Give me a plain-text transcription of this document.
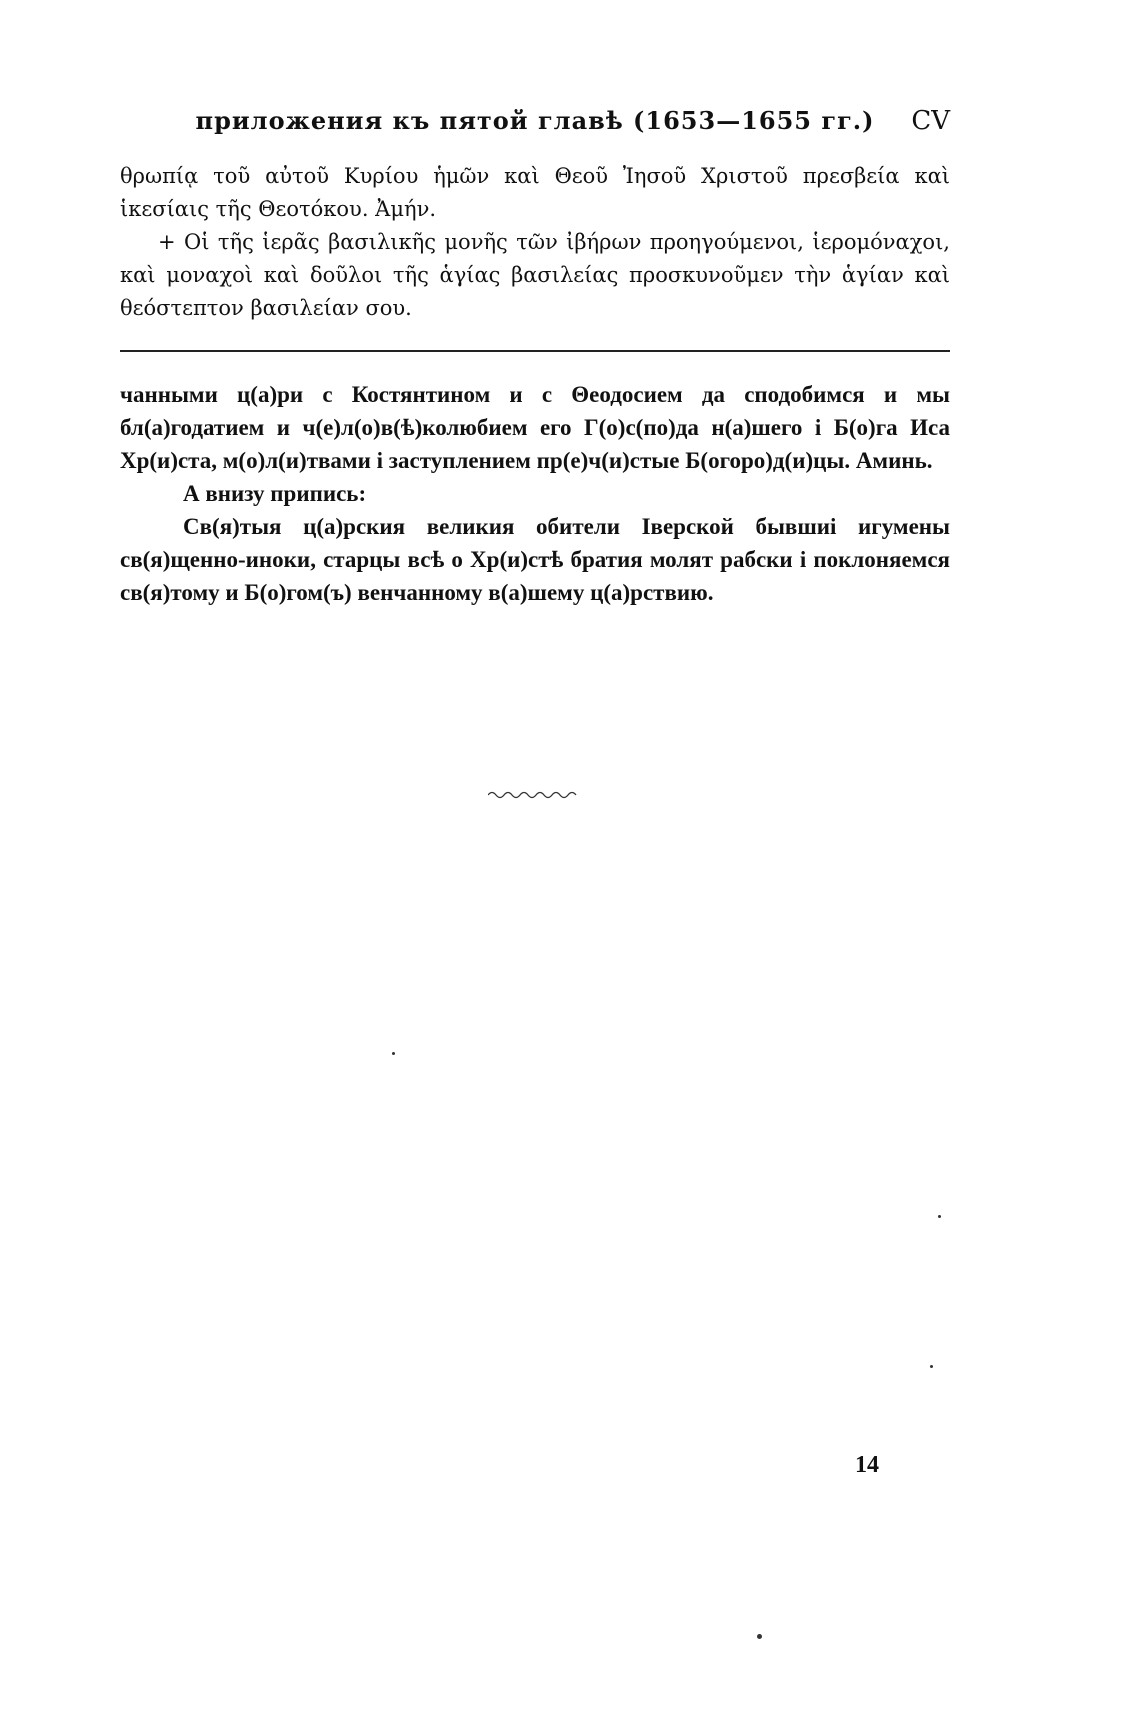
приложения къ пятой главѣ (1653—1655 гг.)	CV

θρωπίᾳ τοῦ αὐτοῦ Κυρίου ἡμῶν καὶ Θεοῦ Ἰησοῦ Χριστοῦ πρεσβεία καὶ ἱκεσίαις τῆς Θεοτόκου. Ἀμήν.

+ Οἱ τῆς ἱερᾶς βασιλικῆς μονῆς τῶν ἰβήρων προηγούμενοι, ἱερομόναχοι, καὶ μοναχοὶ καὶ δοῦλοι τῆς ἁγίας βασιλείας προσκυνοῦμεν τὴν ἁγίαν καὶ θεόστεπτον βασιλείαν σου.

чанными ц(а)ри с Костянтином и с Θеодосием да сподобимся и мы бл(а)годатием и ч(е)л(о)в(ѣ)колюбием его Г(о)с(по)да н(а)шего і Б(о)га Иса Хр(и)ста, м(о)л(и)твами і заступлением пр(е)ч(и)стые Б(огоро)д(и)цы. Аминь.

А внизу припись:

Св(я)тыя ц(а)рския великия обители Іверской бывшиі игумены св(я)щенно-иноки, старцы всѣ о Хр(и)стѣ братия молят рабски і поклоняемся св(я)тому и Б(о)гом(ъ) венчанному в(а)шему ц(а)рствию.

14
